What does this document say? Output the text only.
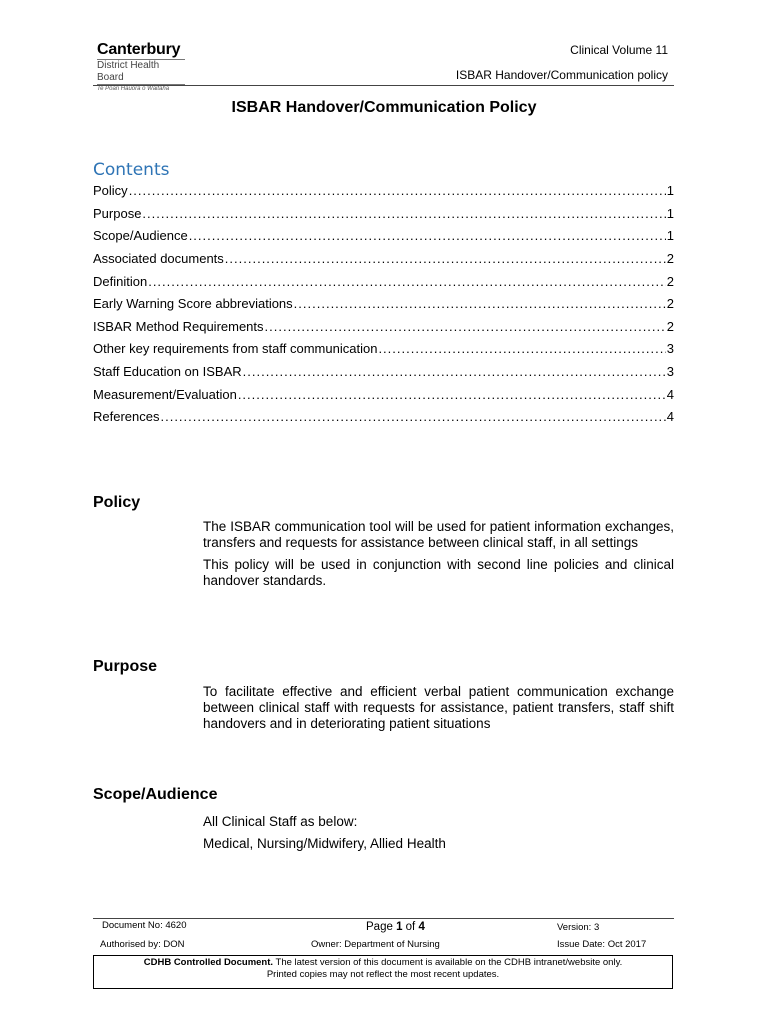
Canterbury
District Health Board
Te Poari Hauora ō Waitaha
Clinical Volume 11
ISBAR Handover/Communication policy
ISBAR Handover/Communication Policy
Contents
Policy .....	1
Purpose .....	1
Scope/Audience .....	1
Associated documents .....	2
Definition .....	2
Early Warning Score abbreviations .....	2
ISBAR Method Requirements .....	2
Other key requirements from staff communication .....	3
Staff Education on ISBAR .....	3
Measurement/Evaluation .....	4
References .....	4
Policy

The ISBAR communication tool will be used for patient information exchanges, transfers and requests for assistance between clinical staff, in all settings

This policy will be used in conjunction with second line policies and clinical handover standards.

Purpose

To facilitate effective and efficient verbal patient communication exchange between clinical staff with requests for assistance, patient transfers, staff shift handovers and in deteriorating patient situations

Scope/Audience
All Clinical Staff as below:
Medical, Nursing/Midwifery, Allied Health
Document No: 4620	Page 1 of 4	Version: 3
Authorised by: DON	Owner: Department of Nursing	Issue Date: Oct 2017
CDHB Controlled Document. The latest version of this document is available on the CDHB intranet/website only.
Printed copies may not reflect the most recent updates.
